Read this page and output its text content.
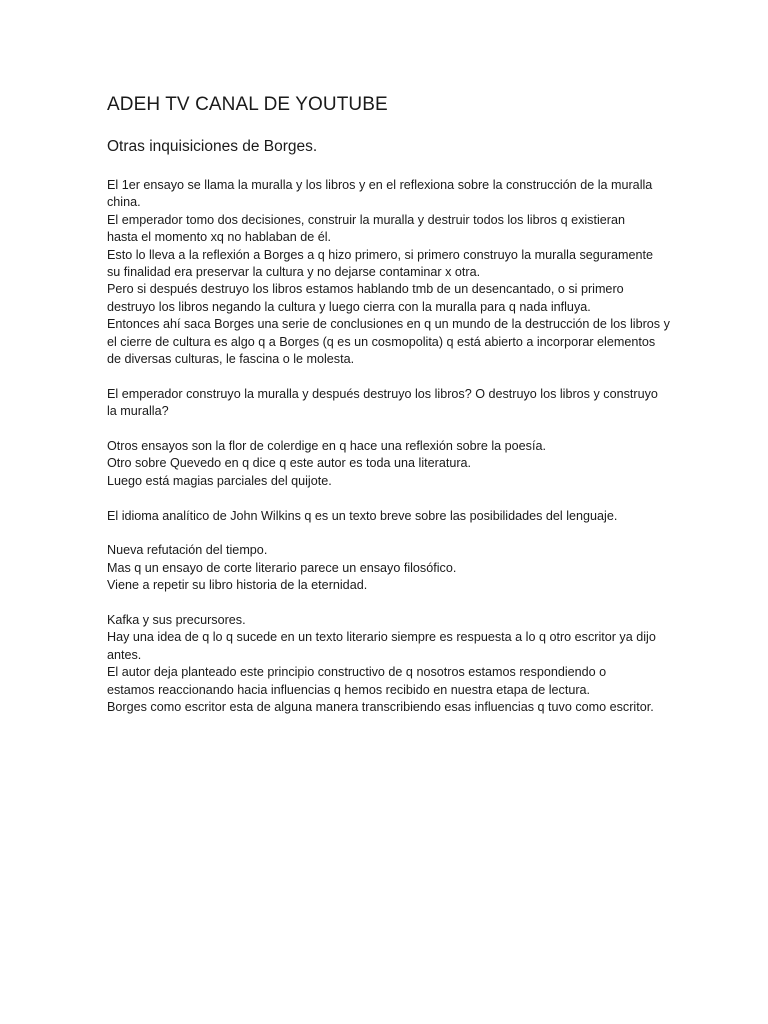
ADEH TV CANAL DE YOUTUBE
Otras inquisiciones de Borges.
El 1er ensayo se llama la muralla y los libros y en el reflexiona sobre la construcción de la muralla
china.
El emperador tomo dos decisiones, construir la muralla y destruir todos los libros q existieran
hasta el momento xq no hablaban de él.
Esto lo lleva a la reflexión a Borges a q hizo primero, si primero construyo la muralla seguramente
su finalidad era preservar la cultura y no dejarse contaminar x otra.
Pero si después destruyo los libros estamos hablando tmb de un desencantado, o si primero
destruyo los libros negando la cultura y luego cierra con la muralla para q nada influya.
Entonces ahí saca Borges una serie de conclusiones en q un mundo de la destrucción de los libros y
el cierre de cultura es algo q a Borges (q es un cosmopolita) q está abierto a incorporar elementos
de diversas culturas, le fascina o le molesta.
El emperador construyo la muralla y después destruyo los libros? O destruyo los libros y construyo
la muralla?
Otros ensayos son la flor de colerdige en q hace una reflexión sobre la poesía.
Otro sobre Quevedo en q dice q este autor es toda una literatura.
Luego está magias parciales del quijote.
El idioma analítico de John Wilkins q es un texto breve sobre las posibilidades del lenguaje.
Nueva refutación del tiempo.
Mas q un ensayo de corte literario parece un ensayo filosófico.
Viene a repetir su libro historia de la eternidad.
Kafka y sus precursores.
Hay una idea de q lo q sucede en un texto literario siempre es respuesta a lo q otro escritor ya dijo
antes.
El autor deja planteado este principio constructivo de q nosotros estamos respondiendo o
estamos reaccionando hacia influencias q hemos recibido en nuestra etapa de lectura.
Borges como escritor esta de alguna manera transcribiendo esas influencias q tuvo como escritor.
